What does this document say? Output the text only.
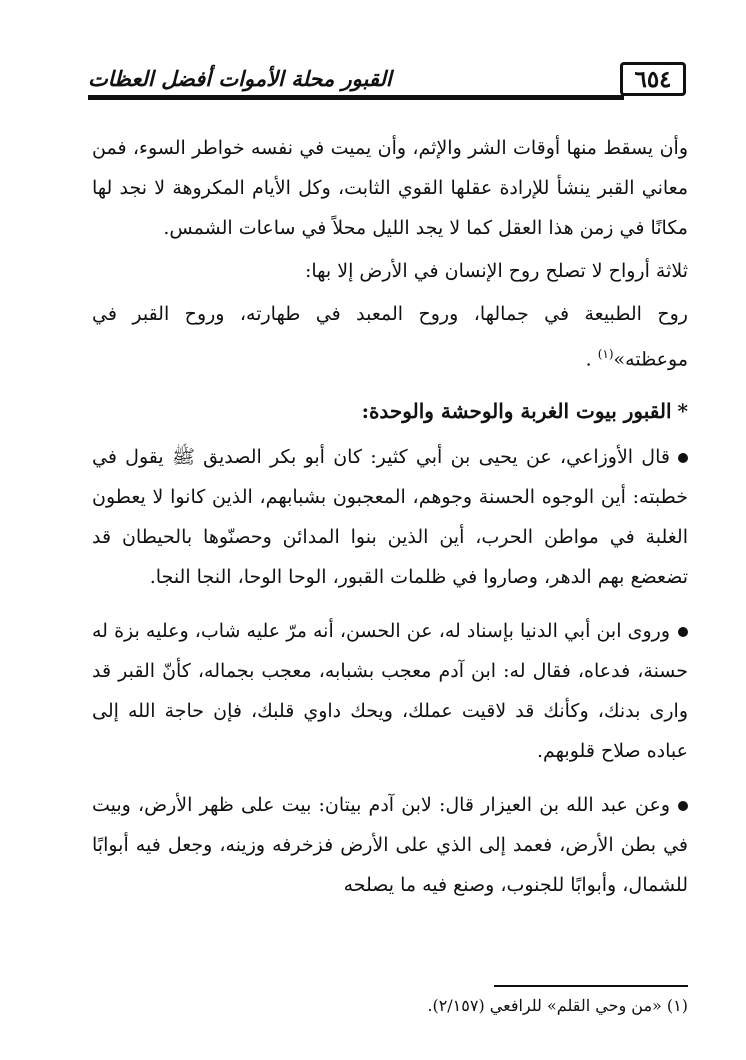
٦٥٤
القبور محلة الأموات أفضل العظات

وأن يسقط منها أوقات الشر والإثم، وأن يميت في نفسه خواطر السوء، فمن معاني القبر ينشأ للإرادة عقلها القوي الثابت، وكل الأيام المكروهة لا نجد لها مكانًا في زمن هذا العقل كما لا يجد الليل محلاً في ساعات الشمس.

ثلاثة أرواح لا تصلح روح الإنسان في الأرض إلا بها:

روح الطبيعة في جمالها، وروح المعبد في طهارته، وروح القبر في موعظته»$^{(١)}$ .

*القبور بيوت الغربة والوحشة والوحدة:

قال الأوزاعي، عن يحيى بن أبي كثير: كان أبو بكر الصديق ﷺ يقول في خطبته: أين الوجوه الحسنة وجوهم، المعجبون بشبابهم، الذين كانوا لا يعطون الغلبة في مواطن الحرب، أين الذين بنوا المدائن وحصنّوها بالحيطان قد تضعضع بهم الدهر، وصاروا في ظلمات القبور، الوحا الوحا، النجا النجا.

وروى ابن أبي الدنيا بإسناد له، عن الحسن، أنه مرّ عليه شاب، وعليه بزة له حسنة، فدعاه، فقال له: ابن آدم معجب بشبابه، معجب بجماله، كأنّ القبر قد وارى بدنك، وكأنك قد لاقيت عملك، ويحك داوي قلبك، فإن حاجة الله إلى عباده صلاح قلوبهم.

وعن عبد الله بن العيزار قال: لابن آدم بيتان: بيت على ظهر الأرض، وبيت في بطن الأرض، فعمد إلى الذي على الأرض فزخرفه وزينه، وجعل فيه أبوابًا للشمال، وأبوابًا للجنوب، وصنع فيه ما يصلحه

(١) «من وحي القلم» للرافعي (٢/١٥٧).
